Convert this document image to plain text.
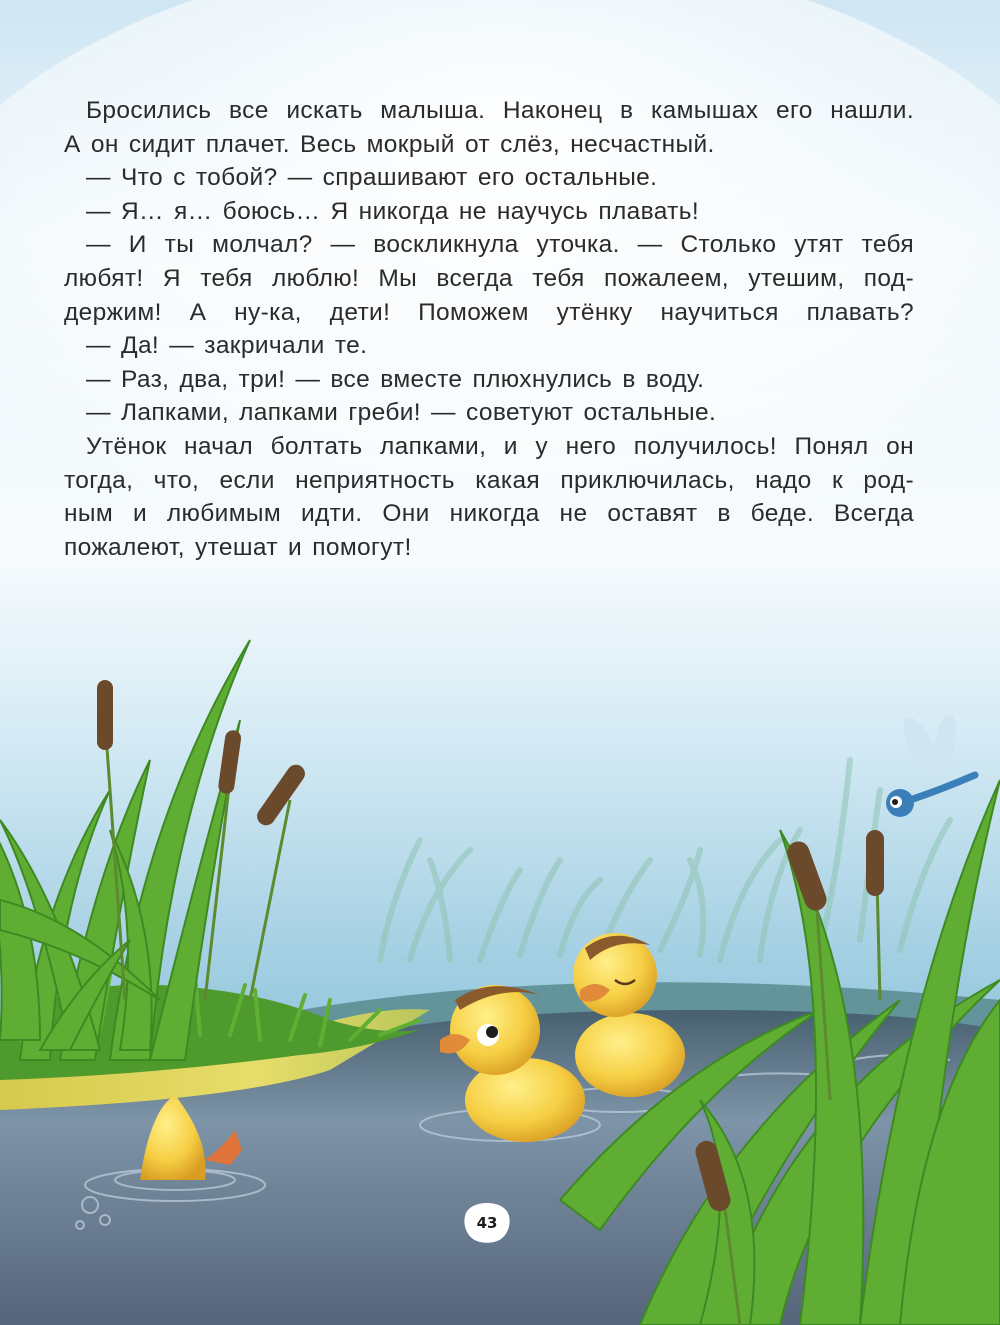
Бросились все искать малыша. Наконец в камышах его нашли.
А он сидит плачет. Весь мокрый от слёз, несчастный.
— Что с тобой? — спрашивают его остальные.
— Я… я… боюсь… Я никогда не научусь плавать!
— И ты молчал? — воскликнула уточка. — Столько утят тебя
любят! Я тебя люблю! Мы всегда тебя пожалеем, утешим, под-
держим! А ну-ка, дети! Поможем утёнку научиться плавать?
— Да! — закричали те.
— Раз, два, три! — все вместе плюхнулись в воду.
— Лапками, лапками греби! — советуют остальные.
Утёнок начал болтать лапками, и у него получилось! Понял он
тогда, что, если неприятность какая приключилась, надо к род-
ным и любимым идти. Они никогда не оставят в беде. Всегда
пожалеют, утешат и помогут!
43
